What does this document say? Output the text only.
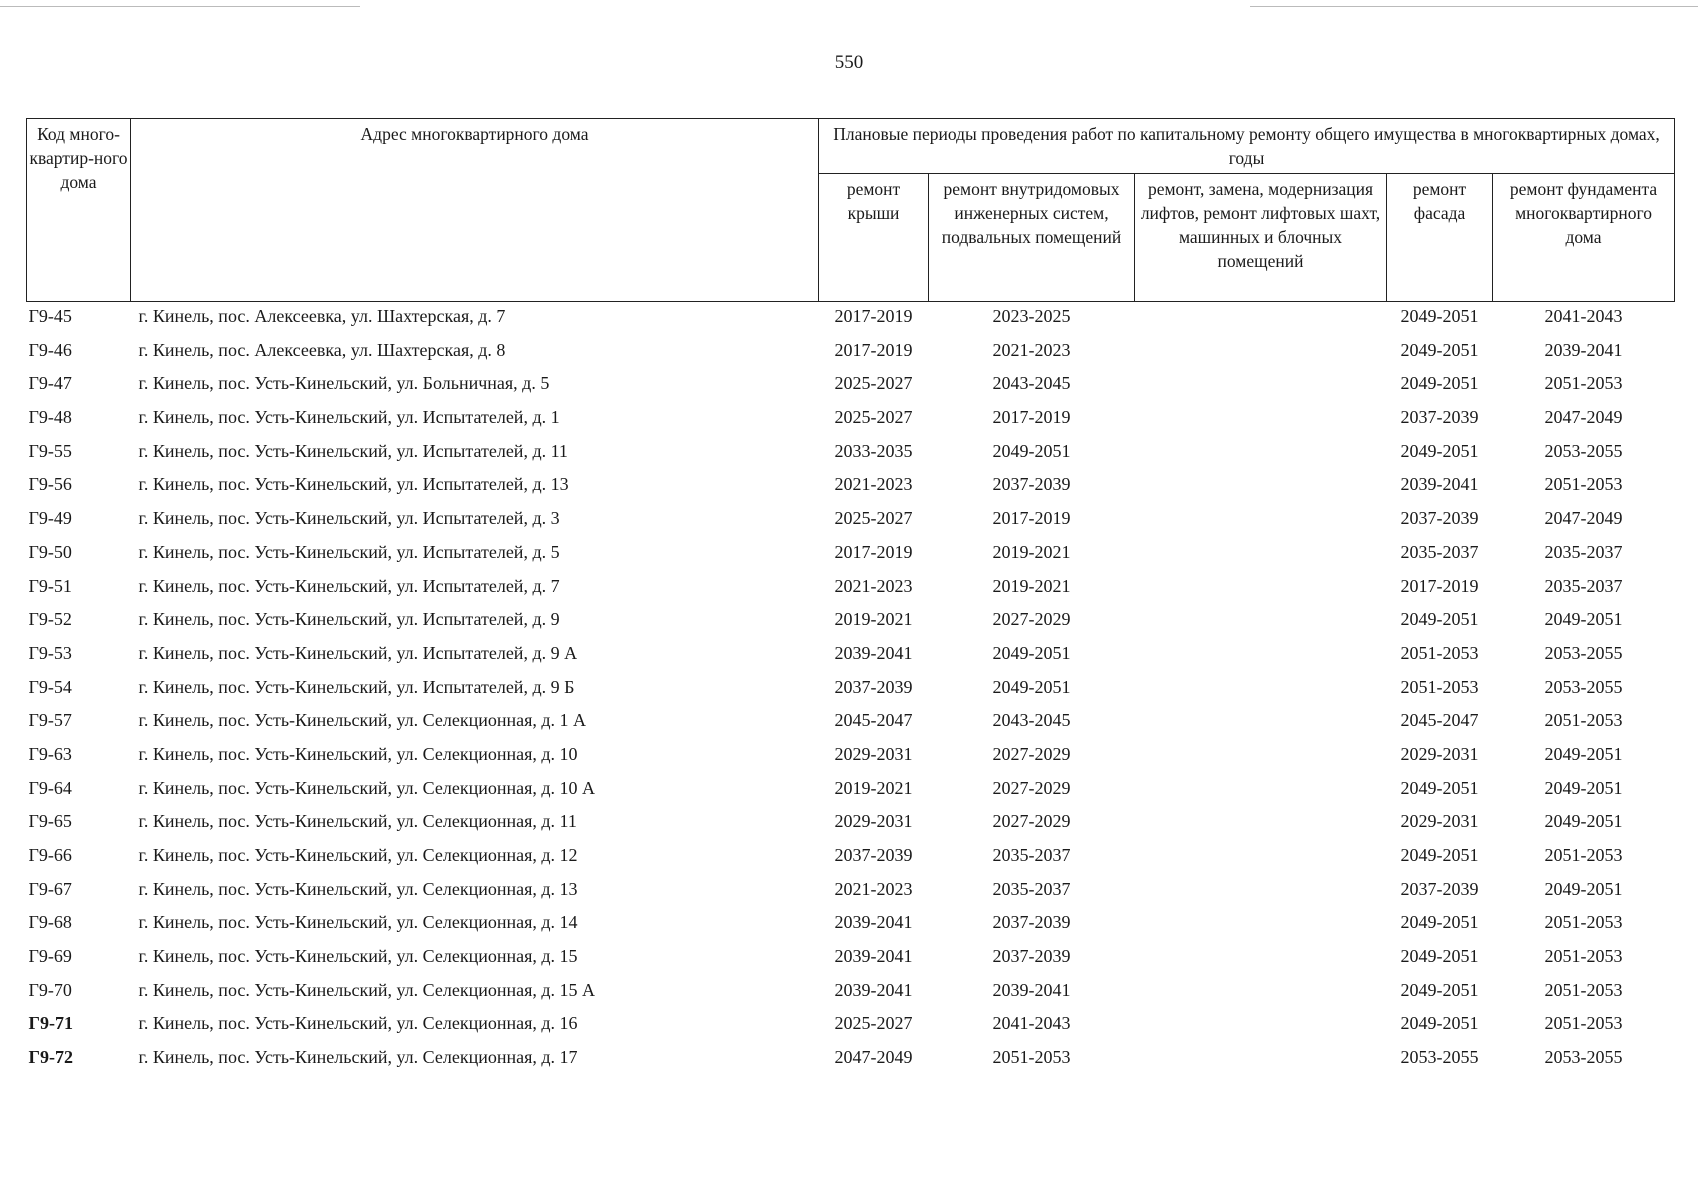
550
Код много-квартир-ного дома	Адрес многоквартирного дома	Плановые периоды проведения работ по капитальному ремонту общего имущества в многоквартирных домах, годы				
		ремонт крыши	ремонт внутридомовых инженерных систем, подвальных помещений	ремонт, замена, модернизация лифтов, ремонт лифтовых шахт, машинных и блочных помещений	ремонт фасада	ремонт фундамента многоквартирного дома

Г9-45	г. Кинель, пос. Алексеевка, ул. Шахтерская, д. 7	2017-2019	2023-2025		2049-2051	2041-2043
Г9-46	г. Кинель, пос. Алексеевка, ул. Шахтерская, д. 8	2017-2019	2021-2023		2049-2051	2039-2041
Г9-47	г. Кинель, пос. Усть-Кинельский, ул. Больничная, д. 5	2025-2027	2043-2045		2049-2051	2051-2053
Г9-48	г. Кинель, пос. Усть-Кинельский, ул. Испытателей, д. 1	2025-2027	2017-2019		2037-2039	2047-2049
Г9-55	г. Кинель, пос. Усть-Кинельский, ул. Испытателей, д. 11	2033-2035	2049-2051		2049-2051	2053-2055
Г9-56	г. Кинель, пос. Усть-Кинельский, ул. Испытателей, д. 13	2021-2023	2037-2039		2039-2041	2051-2053
Г9-49	г. Кинель, пос. Усть-Кинельский, ул. Испытателей, д. 3	2025-2027	2017-2019		2037-2039	2047-2049
Г9-50	г. Кинель, пос. Усть-Кинельский, ул. Испытателей, д. 5	2017-2019	2019-2021		2035-2037	2035-2037
Г9-51	г. Кинель, пос. Усть-Кинельский, ул. Испытателей, д. 7	2021-2023	2019-2021		2017-2019	2035-2037
Г9-52	г. Кинель, пос. Усть-Кинельский, ул. Испытателей, д. 9	2019-2021	2027-2029		2049-2051	2049-2051
Г9-53	г. Кинель, пос. Усть-Кинельский, ул. Испытателей, д. 9 А	2039-2041	2049-2051		2051-2053	2053-2055
Г9-54	г. Кинель, пос. Усть-Кинельский, ул. Испытателей, д. 9 Б	2037-2039	2049-2051		2051-2053	2053-2055
Г9-57	г. Кинель, пос. Усть-Кинельский, ул. Селекционная, д. 1 А	2045-2047	2043-2045		2045-2047	2051-2053
Г9-63	г. Кинель, пос. Усть-Кинельский, ул. Селекционная, д. 10	2029-2031	2027-2029		2029-2031	2049-2051
Г9-64	г. Кинель, пос. Усть-Кинельский, ул. Селекционная, д. 10 А	2019-2021	2027-2029		2049-2051	2049-2051
Г9-65	г. Кинель, пос. Усть-Кинельский, ул. Селекционная, д. 11	2029-2031	2027-2029		2029-2031	2049-2051
Г9-66	г. Кинель, пос. Усть-Кинельский, ул. Селекционная, д. 12	2037-2039	2035-2037		2049-2051	2051-2053
Г9-67	г. Кинель, пос. Усть-Кинельский, ул. Селекционная, д. 13	2021-2023	2035-2037		2037-2039	2049-2051
Г9-68	г. Кинель, пос. Усть-Кинельский, ул. Селекционная, д. 14	2039-2041	2037-2039		2049-2051	2051-2053
Г9-69	г. Кинель, пос. Усть-Кинельский, ул. Селекционная, д. 15	2039-2041	2037-2039		2049-2051	2051-2053
Г9-70	г. Кинель, пос. Усть-Кинельский, ул. Селекционная, д. 15 А	2039-2041	2039-2041		2049-2051	2051-2053
Г9-71	г. Кинель, пос. Усть-Кинельский, ул. Селекционная, д. 16	2025-2027	2041-2043		2049-2051	2051-2053
Г9-72	г. Кинель, пос. Усть-Кинельский, ул. Селекционная, д. 17	2047-2049	2051-2053		2053-2055	2053-2055
